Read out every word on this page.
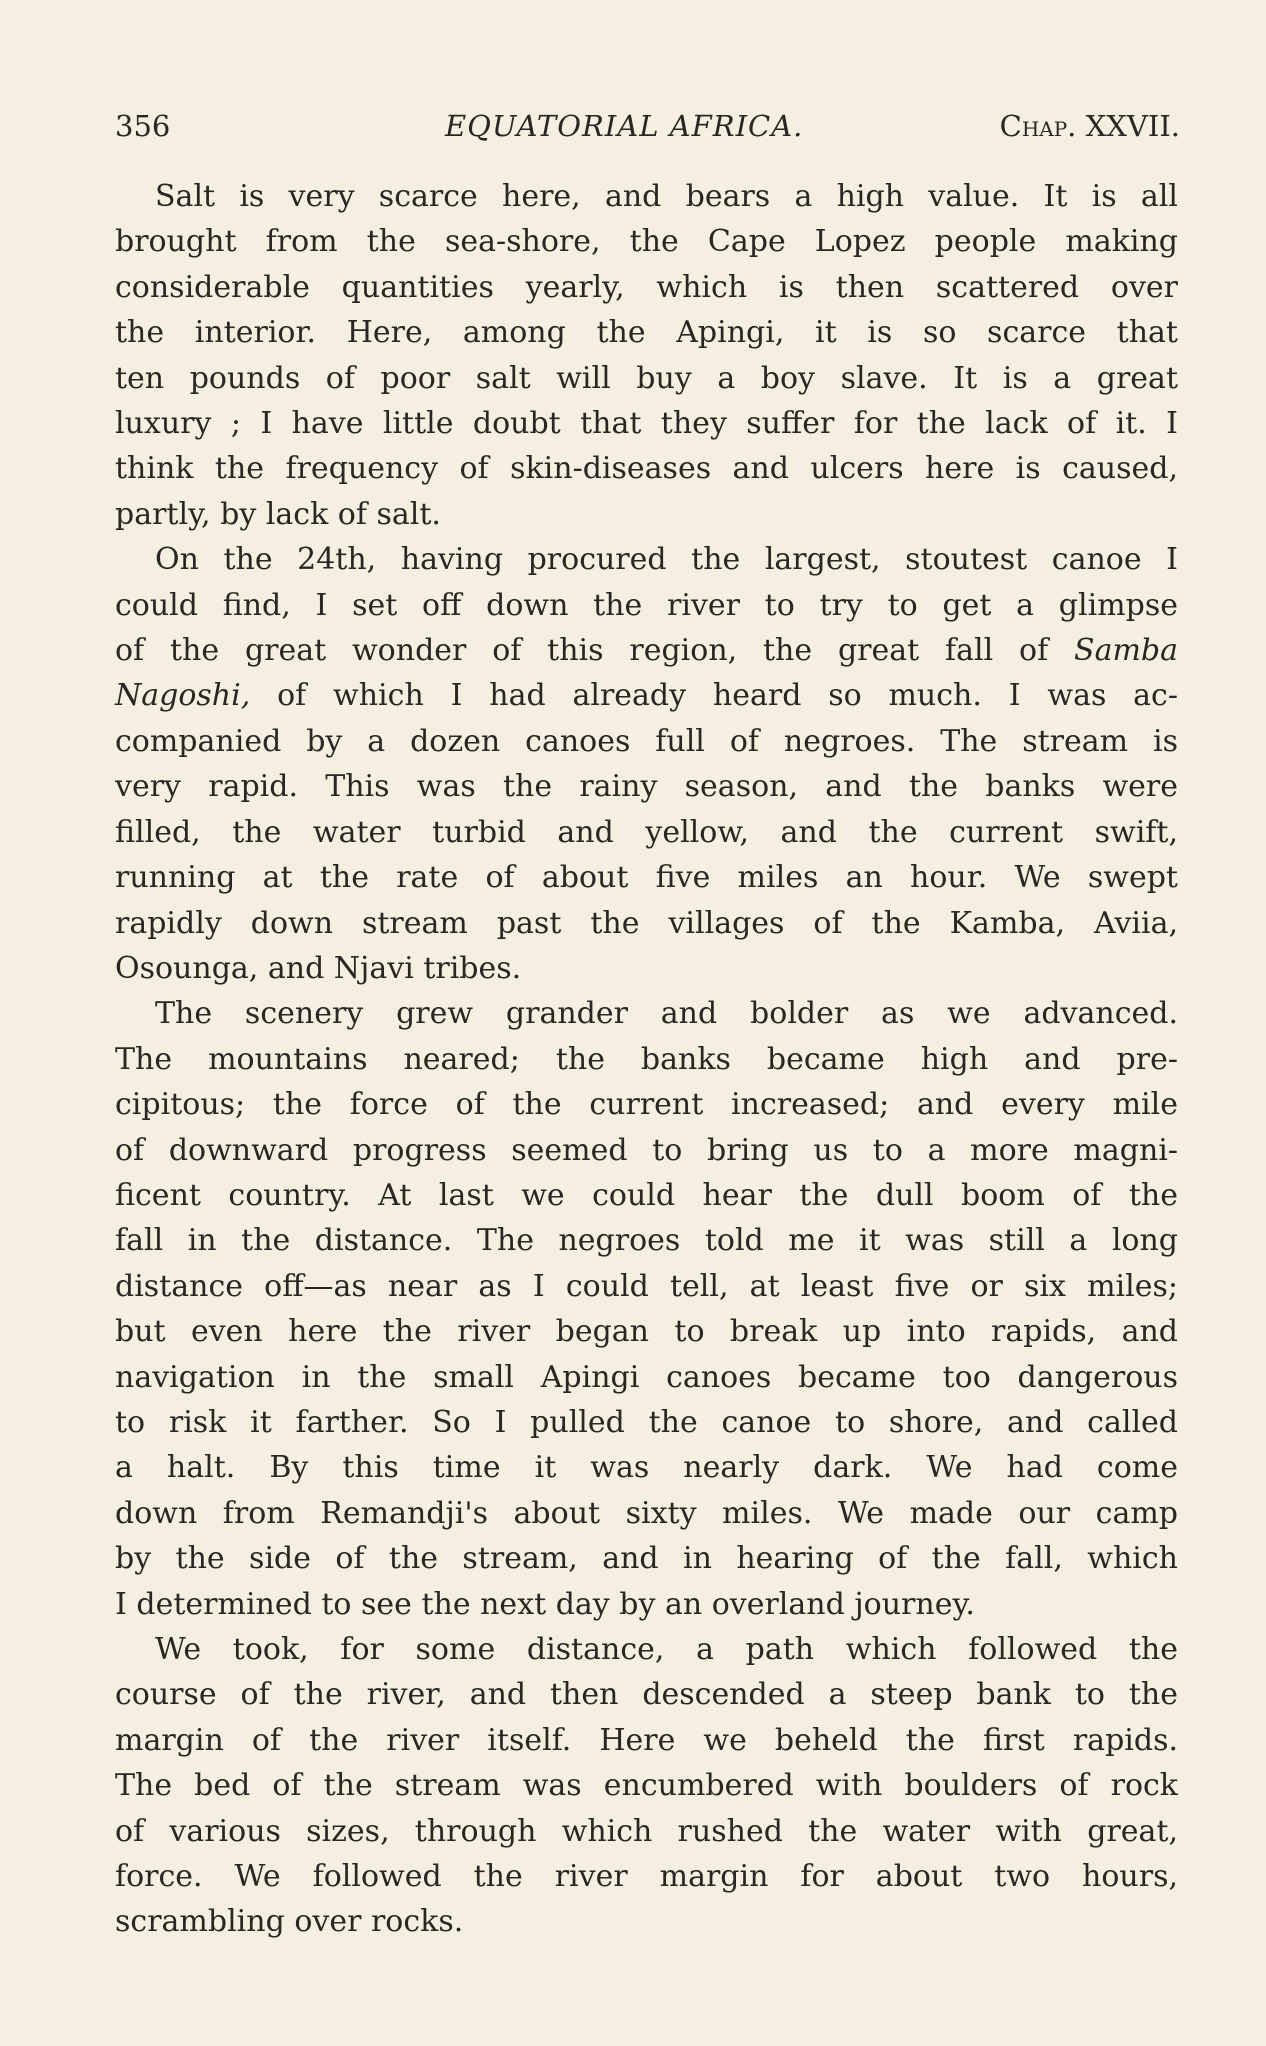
356	EQUATORIAL AFRICA.	Chap. XXVII.
Salt is very scarce here, and bears a high value. It is all
brought from the sea-shore, the Cape Lopez people making
considerable quantities yearly, which is then scattered over
the interior. Here, among the Apingi, it is so scarce that
ten pounds of poor salt will buy a boy slave. It is a great
luxury ; I have little doubt that they suffer for the lack of it. I
think the frequency of skin-diseases and ulcers here is caused,
partly, by lack of salt.
On the 24th, having procured the largest, stoutest canoe I
could find, I set off down the river to try to get a glimpse
of the great wonder of this region, the great fall of Samba
Nagoshi, of which I had already heard so much. I was ac-
companied by a dozen canoes full of negroes. The stream is
very rapid. This was the rainy season, and the banks were
filled, the water turbid and yellow, and the current swift,
running at the rate of about five miles an hour. We swept
rapidly down stream past the villages of the Kamba, Aviia,
Osounga, and Njavi tribes.
The scenery grew grander and bolder as we advanced.
The mountains neared; the banks became high and pre-
cipitous; the force of the current increased; and every mile
of downward progress seemed to bring us to a more magni-
ficent country. At last we could hear the dull boom of the
fall in the distance. The negroes told me it was still a long
distance off—as near as I could tell, at least five or six miles;
but even here the river began to break up into rapids, and
navigation in the small Apingi canoes became too dangerous
to risk it farther. So I pulled the canoe to shore, and called
a halt. By this time it was nearly dark. We had come
down from Remandji's about sixty miles. We made our camp
by the side of the stream, and in hearing of the fall, which
I determined to see the next day by an overland journey.
We took, for some distance, a path which followed the
course of the river, and then descended a steep bank to the
margin of the river itself. Here we beheld the first rapids.
The bed of the stream was encumbered with boulders of rock
of various sizes, through which rushed the water with great,
force. We followed the river margin for about two hours,
scrambling over rocks.
